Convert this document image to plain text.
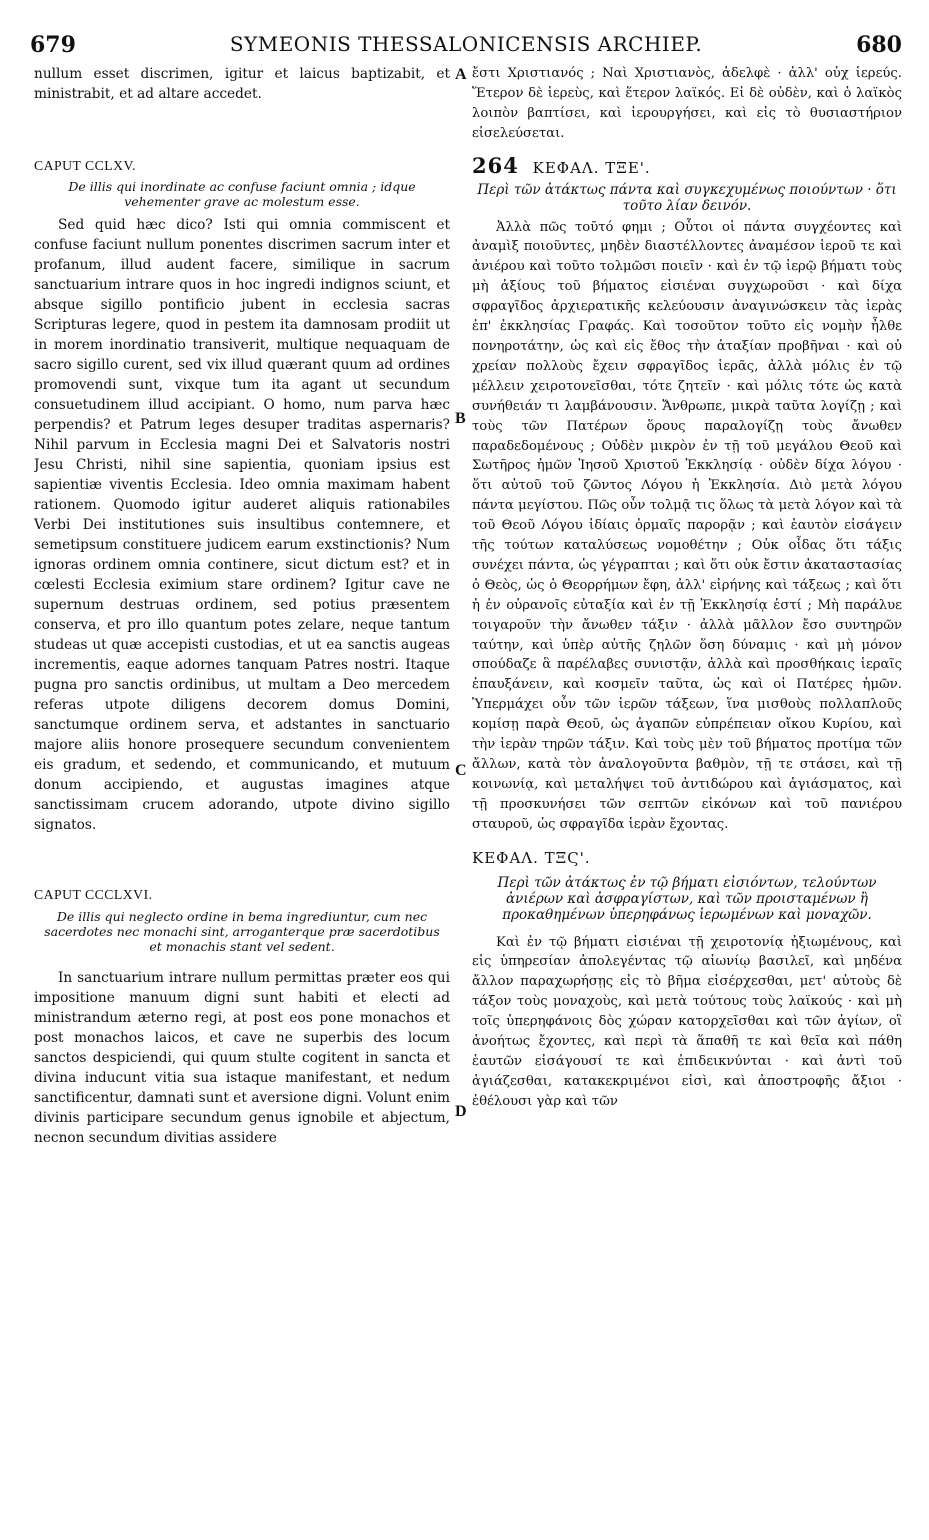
679	SYMEONIS THESSALONICENSIS ARCHIEP.	680

nullum esset discrimen, igitur et laicus baptizabit, et ministrabit, et ad altare accedet.

CAPUT CCLXV.

De illis qui inordinate ac confuse faciunt omnia ; idque vehementer grave ac molestum esse.

Sed quid hæc dico? Isti qui omnia commiscent et confuse faciunt nullum ponentes discrimen sacrum inter et profanum, illud audent facere, similique in sacrum sanctuarium intrare quos in hoc ingredi indignos sciunt, et absque sigillo pontificio jubent in ecclesia sacras Scripturas legere, quod in pestem ita damnosam prodiit ut in morem inordinatio transiverit, multique nequaquam de sacro sigillo curent, sed vix illud quærant quum ad ordines promovendi sunt, vixque tum ita agant ut secundum consuetudinem illud accipiant. O homo, num parva hæc perpendis? et Patrum leges desuper traditas aspernaris? Nihil parvum in Ecclesia magni Dei et Salvatoris nostri Jesu Christi, nihil sine sapientia, quoniam ipsius est sapientiæ viventis Ecclesia. Ideo omnia maximam habent rationem. Quomodo igitur auderet aliquis rationabiles Verbi Dei institutiones suis insultibus contemnere, et semetipsum constituere judicem earum exstinctionis? Num ignoras ordinem omnia continere, sicut dictum est? et in cœlesti Ecclesia eximium stare ordinem? Igitur cave ne supernum destruas ordinem, sed potius præsentem conserva, et pro illo quantum potes zelare, neque tantum studeas ut quæ accepisti custodias, et ut ea sanctis augeas incrementis, eaque adornes tanquam Patres nostri. Itaque pugna pro sanctis ordinibus, ut multam a Deo mercedem referas utpote diligens decorem domus Domini, sanctumque ordinem serva, et adstantes in sanctuario majore aliis honore prosequere secundum convenientem eis gradum, et sedendo, et communicando, et mutuum donum accipiendo, et augustas imagines atque sanctissimam crucem adorando, utpote divino sigillo signatos.

CAPUT CCCLXVI.

De illis qui neglecto ordine in bema ingrediuntur, cum nec sacerdotes nec monachi sint, arroganterque præ sacerdotibus et monachis stant vel sedent.

In sanctuarium intrare nullum permittas præter eos qui impositione manuum digni sunt habiti et electi ad ministrandum æterno regi, at post eos pone monachos et post monachos laicos, et cave ne superbis des locum sanctos despiciendi, qui quum stulte cogitent in sancta et divina inducunt vitia sua istaque manifestant, et nedum sanctificentur, damnati sunt et aversione digni. Volunt enim divinis participare secundum genus ignobile et abjectum, necnon secundum divitias assidere

A
B
C
D

ἔστι Χριστιανός ; Ναὶ Χριστιανὸς, ἀδελφὲ · ἀλλ' οὐχ ἱερεύς. Ἕτερον δὲ ἱερεὺς, καὶ ἕτερον λαϊκός. Εἰ δὲ οὐδὲν, καὶ ὁ λαϊκὸς λοιπὸν βαπτίσει, καὶ ἱερουργήσει, καὶ εἰς τὸ θυσιαστήριον εἰσελεύσεται.

264 ΚΕΦΑΛ. ΤΞΕ'.

Περὶ τῶν ἀτάκτως πάντα καὶ συγκεχυμένως ποιούντων · ὅτι τοῦτο λίαν δεινόν.

Ἀλλὰ πῶς τοῦτό φημι ; Οὗτοι οἱ πάντα συγχέοντες καὶ ἀναμὶξ ποιοῦντες, μηδὲν διαστέλλοντες ἀναμέσον ἱεροῦ τε καὶ ἀνιέρου καὶ τοῦτο τολμῶσι ποιεῖν · καὶ ἐν τῷ ἱερῷ βήματι τοὺς μὴ ἀξίους τοῦ βήματος εἰσιέναι συγχωροῦσι · καὶ δίχα σφραγῖδος ἀρχιερατικῆς κελεύουσιν ἀναγινώσκειν τὰς ἱερὰς ἐπ' ἐκκλησίας Γραφάς. Καὶ τοσοῦτον τοῦτο εἰς νομὴν ἦλθε πονηροτάτην, ὡς καὶ εἰς ἔθος τὴν ἀταξίαν προβῆναι · καὶ οὐ χρείαν πολλοὺς ἔχειν σφραγῖδος ἱερᾶς, ἀλλὰ μόλις ἐν τῷ μέλλειν χειροτονεῖσθαι, τότε ζητεῖν · καὶ μόλις τότε ὡς κατὰ συνήθειάν τι λαμβάνουσιν. Ἄνθρωπε, μικρὰ ταῦτα λογίζῃ ; καὶ τοὺς τῶν Πατέρων ὅρους παραλογίζῃ τοὺς ἄνωθεν παραδεδομένους ; Οὐδὲν μικρὸν ἐν τῇ τοῦ μεγάλου Θεοῦ καὶ Σωτῆρος ἡμῶν Ἰησοῦ Χριστοῦ Ἐκκλησίᾳ · οὐδὲν δίχα λόγου · ὅτι αὐτοῦ τοῦ ζῶντος Λόγου ἡ Ἐκκλησία. Διὸ μετὰ λόγου πάντα μεγίστου. Πῶς οὖν τολμᾷ τις ὅλως τὰ μετὰ λόγον καὶ τὰ τοῦ Θεοῦ Λόγου ἰδίαις ὁρμαῖς παρορᾷν ; καὶ ἑαυτὸν εἰσάγειν τῆς τούτων καταλύσεως νομοθέτην ; Οὐκ οἶδας ὅτι τάξις συνέχει πάντα, ὡς γέγραπται ; καὶ ὅτι οὐκ ἔστιν ἀκαταστασίας ὁ Θεὸς, ὡς ὁ Θεορρήμων ἔφη, ἀλλ' εἰρήνης καὶ τάξεως ; καὶ ὅτι ἡ ἐν οὐρανοῖς εὐταξία καὶ ἐν τῇ Ἐκκλησίᾳ ἐστί ; Μὴ παράλυε τοιγαροῦν τὴν ἄνωθεν τάξιν · ἀλλὰ μᾶλλον ἔσο συντηρῶν ταύτην, καὶ ὑπὲρ αὐτῆς ζηλῶν ὅση δύναμις · καὶ μὴ μόνον σπούδαζε ἃ παρέλαβες συνιστᾷν, ἀλλὰ καὶ προσθήκαις ἱεραῖς ἐπαυξάνειν, καὶ κοσμεῖν ταῦτα, ὡς καὶ οἱ Πατέρες ἡμῶν. Ὑπερμάχει οὖν τῶν ἱερῶν τάξεων, ἵνα μισθοὺς πολλαπλοῦς κομίσῃ παρὰ Θεοῦ, ὡς ἀγαπῶν εὐπρέπειαν οἴκου Κυρίου, καὶ τὴν ἱερὰν τηρῶν τάξιν. Καὶ τοὺς μὲν τοῦ βήματος προτίμα τῶν ἄλλων, κατὰ τὸν ἀναλογοῦντα βαθμὸν, τῇ τε στάσει, καὶ τῇ κοινωνίᾳ, καὶ μεταλήψει τοῦ ἀντιδώρου καὶ ἁγιάσματος, καὶ τῇ προσκυνήσει τῶν σεπτῶν εἰκόνων καὶ τοῦ πανιέρου σταυροῦ, ὡς σφραγῖδα ἱερὰν ἔχοντας.

ΚΕΦΑΛ. ΤΞϚ'.

Περὶ τῶν ἀτάκτως ἐν τῷ βήματι εἰσιόντων, τελούντων ἀνιέρων καὶ ἀσφραγίστων, καὶ τῶν προισταμένων ἢ προκαθημένων ὑπερηφάνως ἱερωμένων καὶ μοναχῶν.

Καὶ ἐν τῷ βήματι εἰσιέναι τῇ χειροτονίᾳ ἠξιωμένους, καὶ εἰς ὑπηρεσίαν ἀπολεγέντας τῷ αἰωνίῳ βασιλεῖ, καὶ μηδένα ἄλλον παραχωρήσῃς εἰς τὸ βῆμα εἰσέρχεσθαι, μετ' αὐτοὺς δὲ τάξον τοὺς μοναχοὺς, καὶ μετὰ τούτους τοὺς λαϊκούς · καὶ μὴ τοῖς ὑπερηφάνοις δὸς χώραν κατορχεῖσθαι καὶ τῶν ἁγίων, οἳ ἀνοήτως ἔχοντες, καὶ περὶ τὰ ἅπαθῆ τε καὶ θεῖα καὶ πάθη ἑαυτῶν εἰσάγουσί τε καὶ ἐπιδεικνύνται · καὶ ἀντὶ τοῦ ἁγιάζεσθαι, κατακεκριμένοι εἰσὶ, καὶ ἀποστροφῆς ἄξιοι · ἐθέλουσι γὰρ καὶ τῶν
